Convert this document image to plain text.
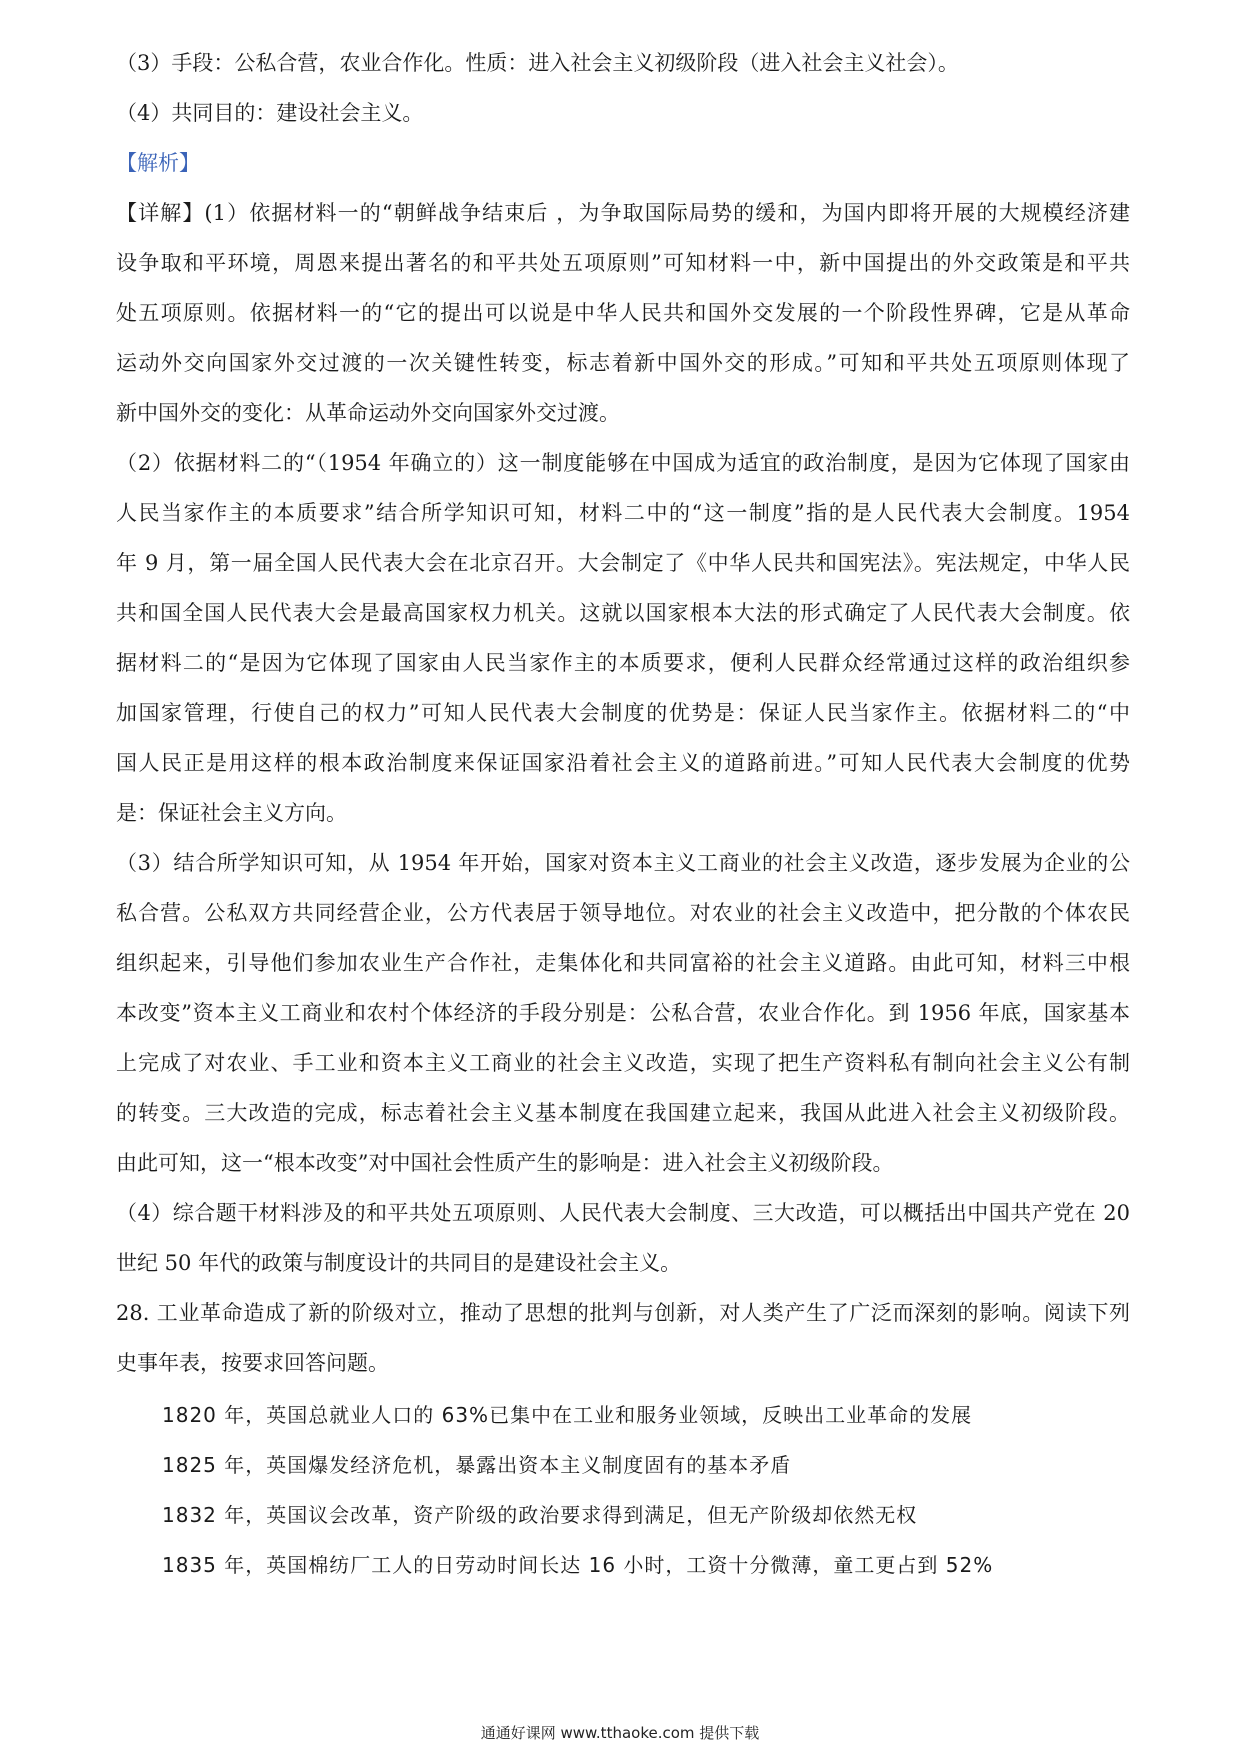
（3）手段：公私合营，农业合作化。性质：进入社会主义初级阶段（进入社会主义社会）。
（4）共同目的：建设社会主义。
【解析】
【详解】(1）依据材料一的“朝鲜战争结束后 ，为争取国际局势的缓和，为国内即将开展的大规模经济建
设争取和平环境，周恩来提出著名的和平共处五项原则”可知材料一中，新中国提出的外交政策是和平共
处五项原则。依据材料一的“它的提出可以说是中华人民共和国外交发展的一个阶段性界碑，它是从革命
运动外交向国家外交过渡的一次关键性转变，标志着新中国外交的形成。”可知和平共处五项原则体现了
新中国外交的变化：从革命运动外交向国家外交过渡。
（2）依据材料二的“（1954 年确立的）这一制度能够在中国成为适宜的政治制度，是因为它体现了国家由
人民当家作主的本质要求”结合所学知识可知，材料二中的“这一制度”指的是人民代表大会制度。1954
年 9 月，第一届全国人民代表大会在北京召开。大会制定了《中华人民共和国宪法》。宪法规定，中华人民
共和国全国人民代表大会是最高国家权力机关。这就以国家根本大法的形式确定了人民代表大会制度。依
据材料二的“是因为它体现了国家由人民当家作主的本质要求，便利人民群众经常通过这样的政治组织参
加国家管理，行使自己的权力”可知人民代表大会制度的优势是：保证人民当家作主。依据材料二的“中
国人民正是用这样的根本政治制度来保证国家沿着社会主义的道路前进。”可知人民代表大会制度的优势
是：保证社会主义方向。
（3）结合所学知识可知，从 1954 年开始，国家对资本主义工商业的社会主义改造，逐步发展为企业的公
私合营。公私双方共同经营企业，公方代表居于领导地位。对农业的社会主义改造中，把分散的个体农民
组织起来，引导他们参加农业生产合作社，走集体化和共同富裕的社会主义道路。由此可知，材料三中根
本改变”资本主义工商业和农村个体经济的手段分别是：公私合营，农业合作化。到 1956 年底，国家基本
上完成了对农业、手工业和资本主义工商业的社会主义改造，实现了把生产资料私有制向社会主义公有制
的转变。三大改造的完成，标志着社会主义基本制度在我国建立起来，我国从此进入社会主义初级阶段。
由此可知，这一“根本改变”对中国社会性质产生的影响是：进入社会主义初级阶段。
（4）综合题干材料涉及的和平共处五项原则、人民代表大会制度、三大改造，可以概括出中国共产党在 20
世纪 50 年代的政策与制度设计的共同目的是建设社会主义。
28. 工业革命造成了新的阶级对立，推动了思想的批判与创新，对人类产生了广泛而深刻的影响。阅读下列
史事年表，按要求回答问题。
1820 年，英国总就业人口的 63%已集中在工业和服务业领域，反映出工业革命的发展
1825 年，英国爆发经济危机，暴露出资本主义制度固有的基本矛盾
1832 年，英国议会改革，资产阶级的政治要求得到满足，但无产阶级却依然无权
1835 年，英国棉纺厂工人的日劳动时间长达 16 小时，工资十分微薄，童工更占到 52%
通通好课网 www.tthaoke.com 提供下载
